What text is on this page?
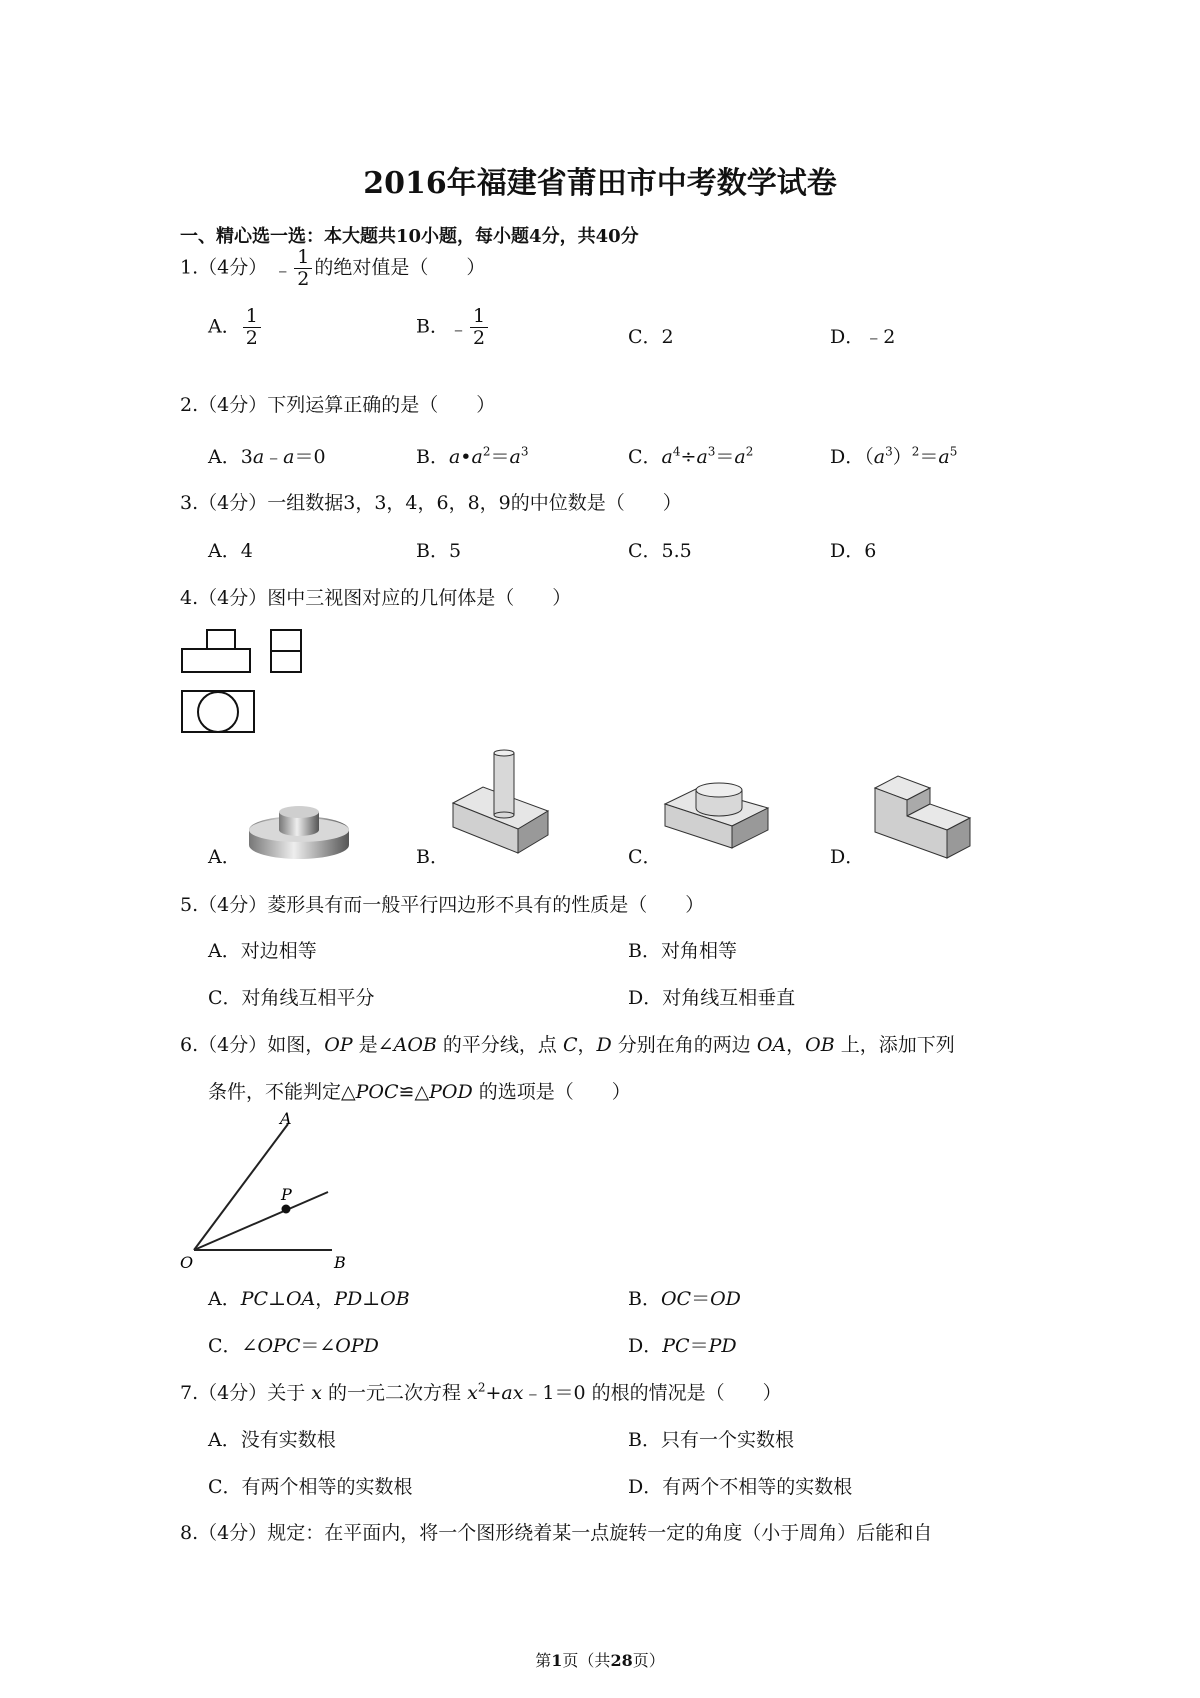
2016年福建省莆田市中考数学试卷
一、精心选一选：本大题共10小题，每小题4分，共40分
1.（4分） ﹣ $\frac{1}{2}$ 的绝对值是（　　）
A． $\frac{1}{2}$	B．﹣ $\frac{1}{2}$	C．2	D．﹣2
2.（4分）下列运算正确的是（　　）
A．3a﹣a＝0	B．$a•a^2=a^3$	C．$a^4\div a^3=a^2$	D．$(a^3)^2=a^5$
3.（4分）一组数据3，3，4，6，8，9的中位数是（　　）
A．4	B．5	C．5.5	D．6
4.（4分）图中三视图对应的几何体是（　　）
A．	B．	C．	D．
5.（4分）菱形具有而一般平行四边形不具有的性质是（　　）
A．对边相等	B．对角相等
C．对角线互相平分	D．对角线互相垂直
6.（4分）如图，OP 是∠AOB 的平分线，点 C，D 分别在角的两边 OA，OB 上，添加下列
条件，不能判定△POC≌△POD 的选项是（　　）
A
P
O	B
A．PC⊥OA，PD⊥OB	B．OC＝OD
C．∠OPC＝∠OPD	D．PC＝PD
7.（4分）关于 x 的一元二次方程 $x^2+ax﹣1=0$ 的根的情况是（　　）
A．没有实数根	B．只有一个实数根
C．有两个相等的实数根	D．有两个不相等的实数根
8.（4分）规定：在平面内，将一个图形绕着某一点旋转一定的角度（小于周角）后能和自
第1页（共28页）
